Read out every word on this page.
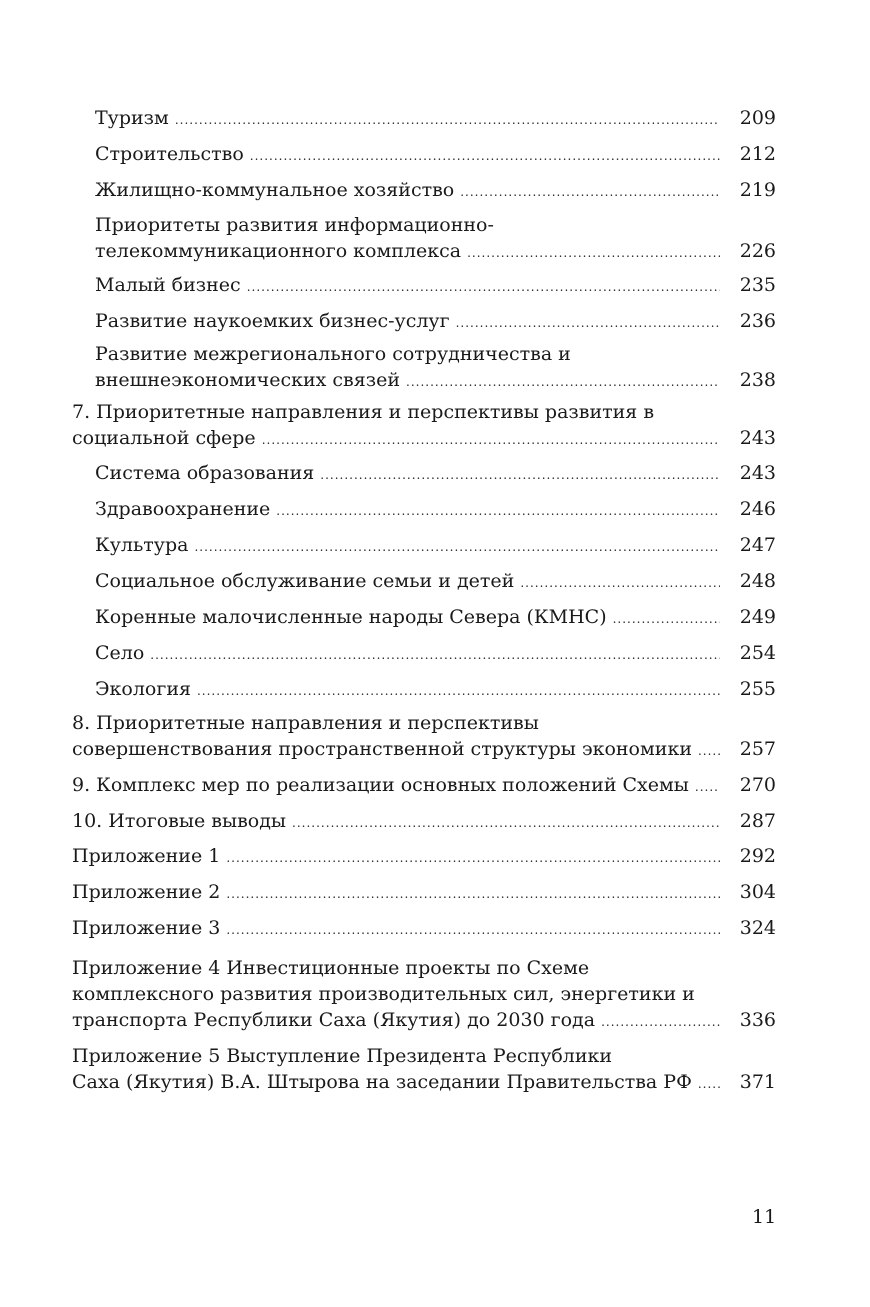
Туризм .....	209
Строительство .....	212
Жилищно-коммунальное хозяйство .....	219
Приоритеты развития информационно-
телекоммуникационного комплекса .....	226
Малый бизнес .....	235
Развитие наукоемких бизнес-услуг .....	236
Развитие межрегионального сотрудничества и
внешнеэкономических связей .....	238
7. Приоритетные направления и перспективы развития в
социальной сфере .....	243
Система образования .....	243
Здравоохранение .....	246
Культура .....	247
Социальное обслуживание семьи и детей .....	248
Коренные малочисленные народы Севера (КМНС) .....	249
Село .....	254
Экология .....	255
8. Приоритетные направления и перспективы
совершенствования пространственной структуры экономики .....	257
9. Комплекс мер по реализации основных положений Схемы .....	270
10. Итоговые выводы .....	287
Приложение 1 .....	292
Приложение 2 .....	304
Приложение 3 .....	324
Приложение 4 Инвестиционные проекты по Схеме
комплексного развития производительных сил, энергетики и
транспорта Республики Саха (Якутия) до 2030 года .....	336
Приложение 5 Выступление Президента Республики
Саха (Якутия) В.А. Штырова на заседании Правительства РФ .....	371
11
